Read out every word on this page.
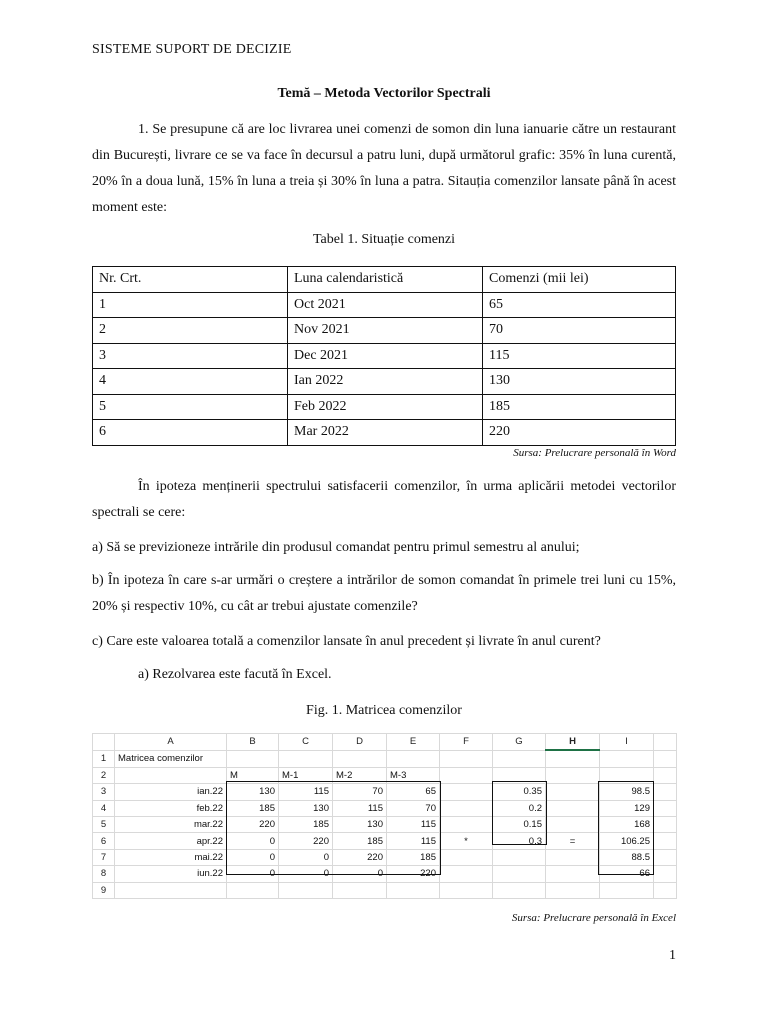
SISTEME SUPORT DE DECIZIE
Temă – Metoda Vectorilor Spectrali
1. Se presupune că are loc livrarea unei comenzi de somon din luna ianuarie către un restaurant din București, livrare ce se va face în decursul a patru luni, după următorul grafic: 35% în luna curentă, 20% în a doua lună, 15% în luna a treia și 30% în luna a patra. Sitauția comenzilor lansate până în acest moment este:
Tabel 1. Situație comenzi
Nr. Crt.	Luna calendaristică	Comenzi (mii lei)
1	Oct 2021	65
2	Nov 2021	70
3	Dec 2021	115
4	Ian 2022	130
5	Feb 2022	185
6	Mar 2022	220
Sursa: Prelucrare personală în Word
În ipoteza menținerii spectrului satisfacerii comenzilor, în urma aplicării metodei vectorilor spectrali se cere:
a) Să se previzioneze intrările din produsul comandat pentru primul semestru al anului;
b) În ipoteza în care s-ar urmări o creștere a intrărilor de somon comandat în primele trei luni cu 15%, 20% și respectiv 10%, cu cât ar trebui ajustate comenzile?
c) Care este valoarea totală a comenzilor lansate în anul precedent și livrate în anul curent?
a) Rezolvarea este facută în Excel.
Fig. 1. Matricea comenzilor
	A	B	C	D	E	F	G	H	I	
1	Matricea comenzilor									
2		M	M-1	M-2	M-3					
3	ian.22	130	115	70	65		0.35		98.5	
4	feb.22	185	130	115	70		0.2		129	
5	mar.22	220	185	130	115		0.15		168	
6	apr.22	0	220	185	115	*	0.3	=	106.25	
7	mai.22	0	0	220	185				88.5	
8	iun.22	0	0	0	220				66	
9										
Sursa: Prelucrare personală în Excel
1
